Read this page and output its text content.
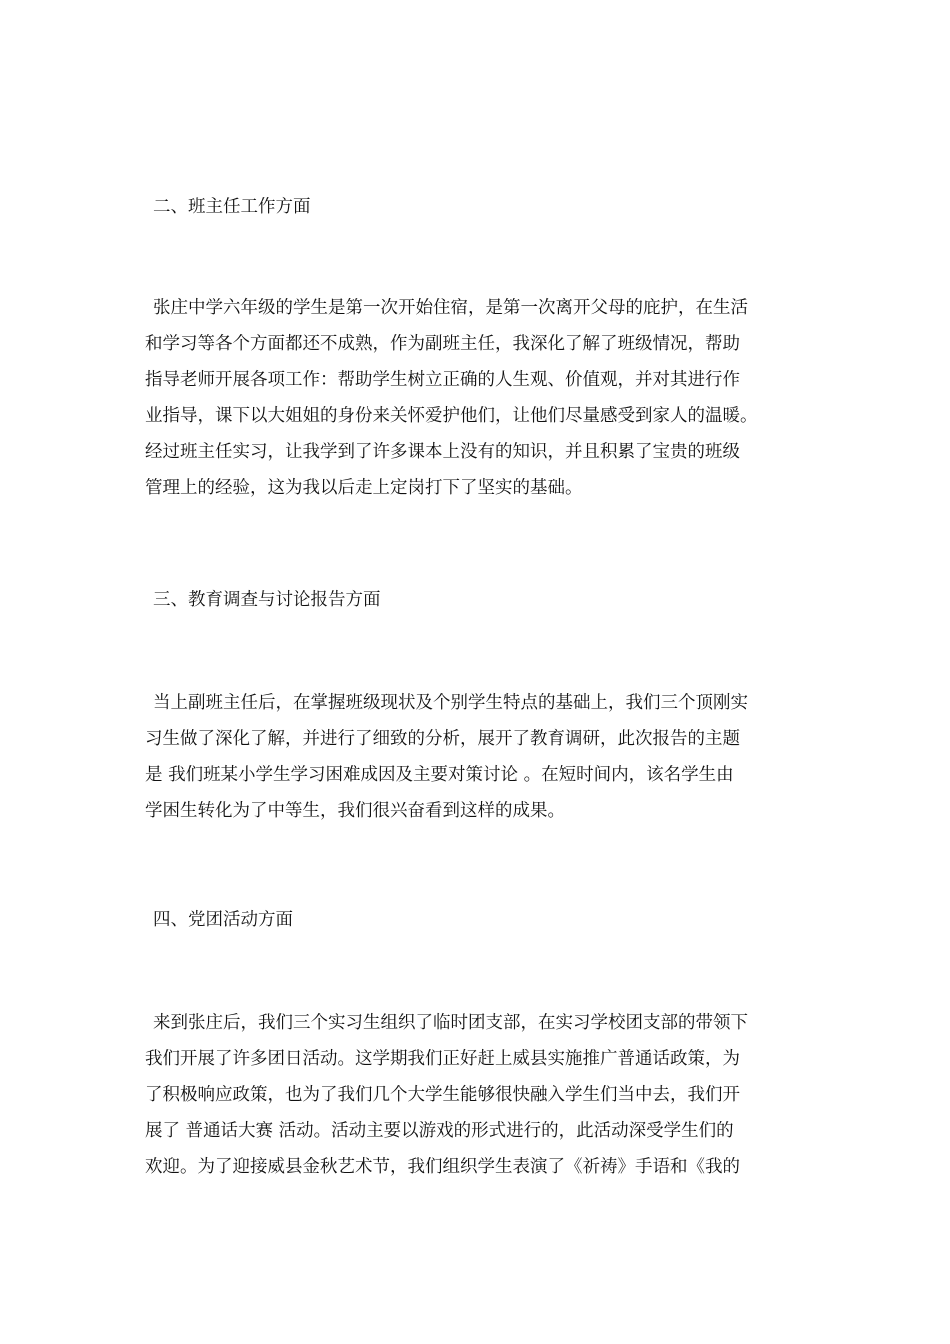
二、班主任工作方面
张庄中学六年级的学生是第一次开始住宿，是第一次离开父母的庇护，在生活
和学习等各个方面都还不成熟，作为副班主任，我深化了解了班级情况，帮助
指导老师开展各项工作：帮助学生树立正确的人生观、价值观，并对其进行作
业指导，课下以大姐姐的身份来关怀爱护他们，让他们尽量感受到家人的温暖。
经过班主任实习，让我学到了许多课本上没有的知识，并且积累了宝贵的班级
管理上的经验，这为我以后走上定岗打下了坚实的基础。
三、教育调查与讨论报告方面
当上副班主任后，在掌握班级现状及个别学生特点的基础上，我们三个顶刚实
习生做了深化了解，并进行了细致的分析，展开了教育调研，此次报告的主题
是 我们班某小学生学习困难成因及主要对策讨论 。在短时间内，该名学生由
学困生转化为了中等生，我们很兴奋看到这样的成果。
四、党团活动方面
来到张庄后，我们三个实习生组织了临时团支部，在实习学校团支部的带领下
我们开展了许多团日活动。这学期我们正好赶上威县实施推广普通话政策，为
了积极响应政策，也为了我们几个大学生能够很快融入学生们当中去，我们开
展了 普通话大赛 活动。活动主要以游戏的形式进行的，此活动深受学生们的
欢迎。为了迎接威县金秋艺术节，我们组织学生表演了《祈祷》手语和《我的
